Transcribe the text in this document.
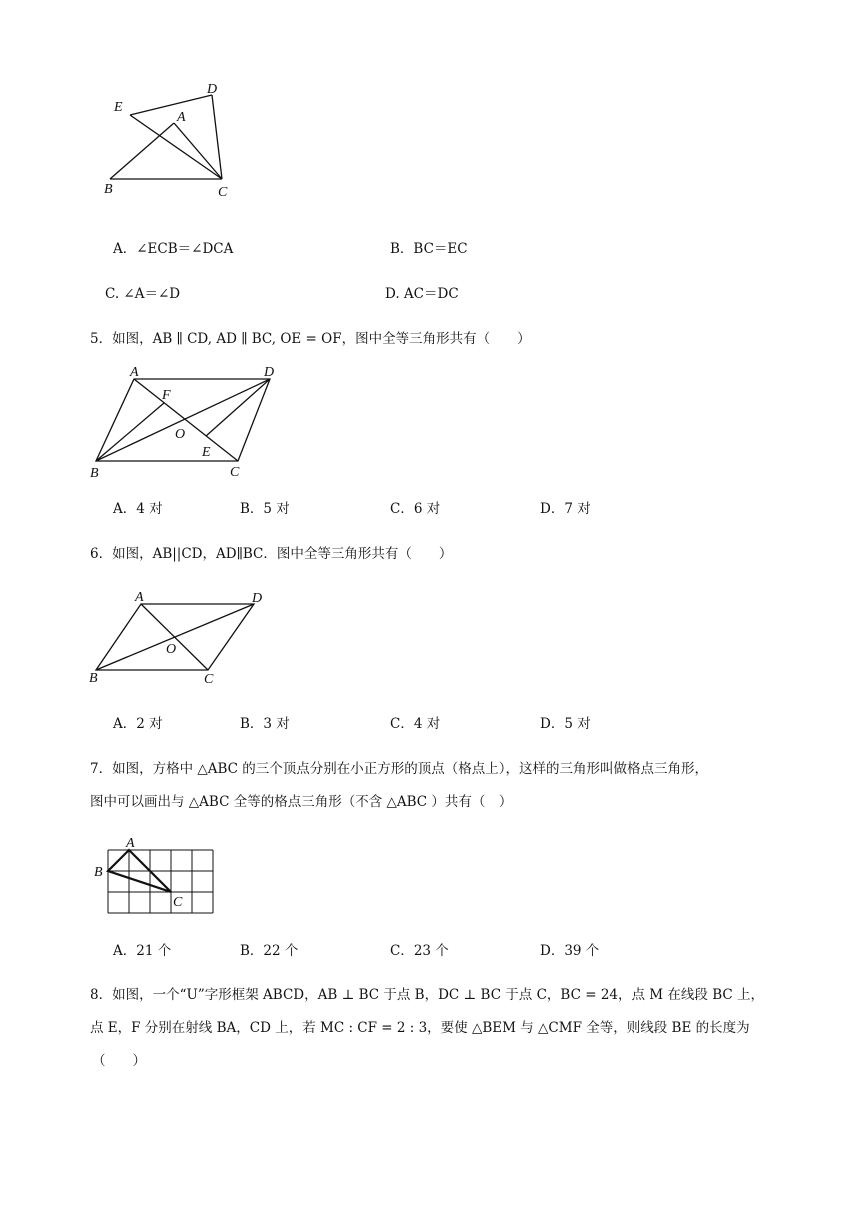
E
D
A
B	C
A．∠ECB＝∠DCA	B．BC＝EC
C. ∠A＝∠D	D. AC＝DC
5．如图，AB ∥ CD, AD ∥ BC, OE = OF，图中全等三角形共有（　　）
A	D
F
O
E
B	C
A．4 对	B．5 对	C．6 对	D．7 对
6．如图，AB||CD，AD∥BC．图中全等三角形共有（　　）
A	D
O
B	C
A．2 对	B．3 对	C．4 对	D．5 对
7．如图，方格中 △ABC 的三个顶点分别在小正方形的顶点（格点上），这样的三角形叫做格点三角形，
图中可以画出与 △ABC 全等的格点三角形（不含 △ABC ）共有（　）
A
B
C
A．21 个	B．22 个	C．23 个	D．39 个
8．如图，一个“U”字形框架 ABCD，AB ⊥ BC 于点 B，DC ⊥ BC 于点 C，BC = 24，点 M 在线段 BC 上，
点 E，F 分别在射线 BA，CD 上，若 MC : CF = 2 : 3，要使 △BEM 与 △CMF 全等，则线段 BE 的长度为
（　　）
